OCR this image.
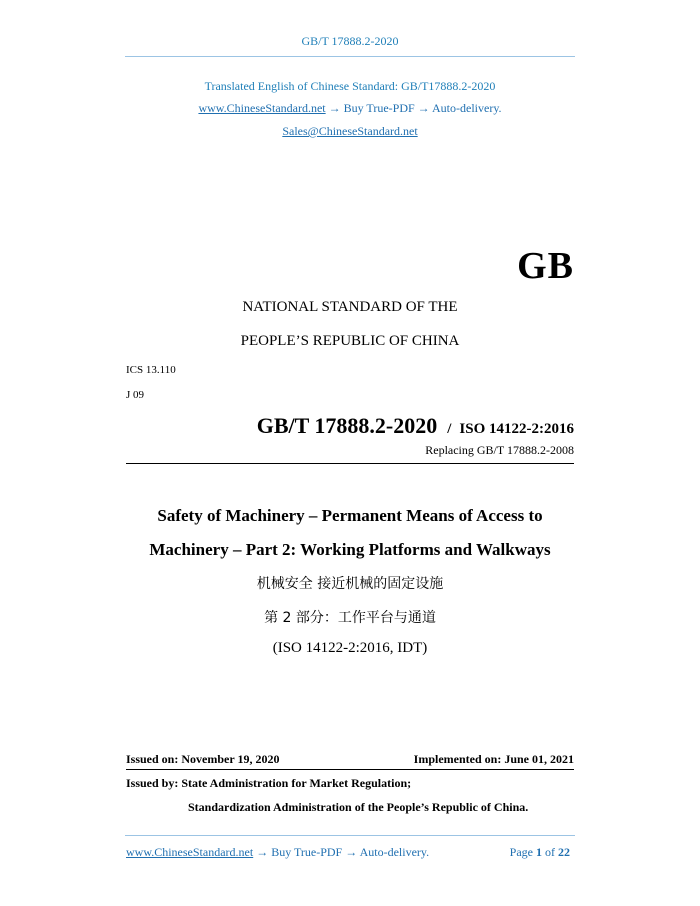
GB/T 17888.2-2020
Translated English of Chinese Standard: GB/T17888.2-2020
www.ChineseStandard.net → Buy True-PDF → Auto-delivery.
Sales@ChineseStandard.net
GB
NATIONAL STANDARD OF THE
PEOPLE’S REPUBLIC OF CHINA
ICS 13.110
J 09
GB/T 17888.2-2020 / ISO 14122-2:2016
Replacing GB/T 17888.2-2008
Safety of Machinery – Permanent Means of Access to
Machinery – Part 2: Working Platforms and Walkways
机械安全 接近机械的固定设施
第 2 部分：工作平台与通道
(ISO 14122-2:2016, IDT)
Issued on: November 19, 2020	Implemented on: June 01, 2021
Issued by: State Administration for Market Regulation;
Standardization Administration of the People’s Republic of China.
www.ChineseStandard.net → Buy True-PDF → Auto-delivery.	Page 1 of 22
